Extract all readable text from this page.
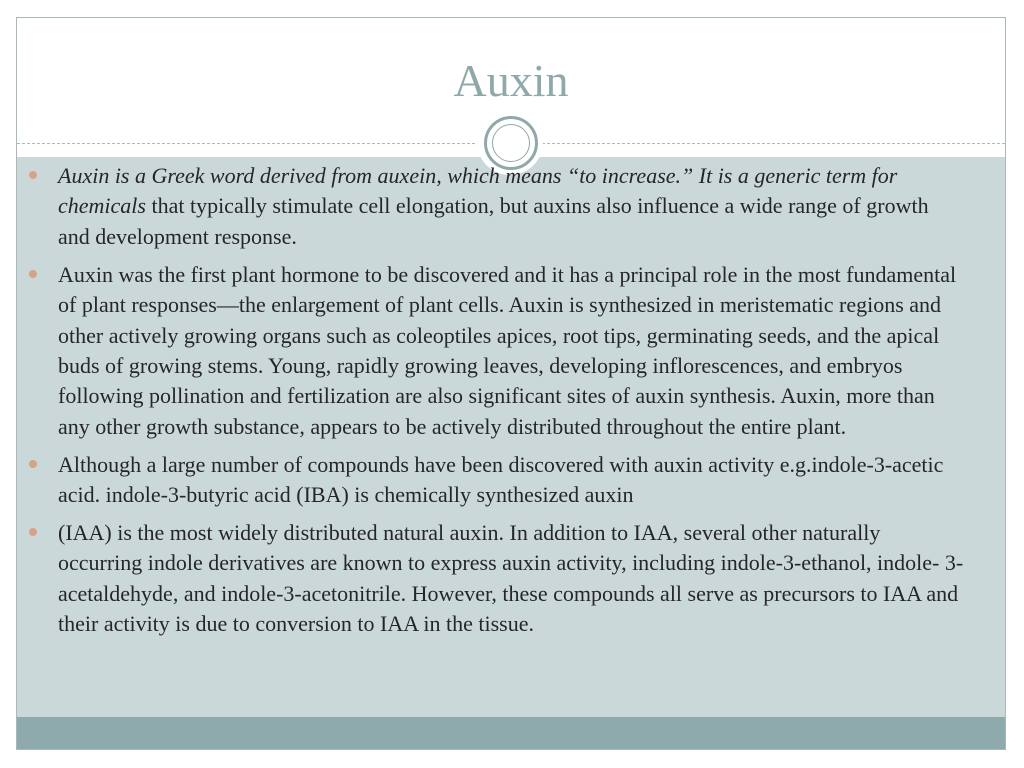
Auxin
Auxin is a Greek word derived from auxein, which means “to increase.” It is a generic term for chemicals that typically stimulate cell elongation, but auxins also influence a wide range of growth and development response.
Auxin was the first plant hormone to be discovered and it has a principal role in the most fundamental of plant responses—the enlargement of plant cells. Auxin is synthesized in meristematic regions and other actively growing organs such as coleoptiles apices, root tips, germinating seeds, and the apical buds of growing stems. Young, rapidly growing leaves, developing inflorescences, and embryos following pollination and fertilization are also significant sites of auxin synthesis. Auxin, more than any other growth substance, appears to be actively distributed throughout the entire plant.
Although a large number of compounds have been discovered with auxin activity e.g.indole-3-acetic acid. indole-3-butyric acid (IBA) is chemically synthesized auxin
(IAA) is the most widely distributed natural auxin. In addition to IAA, several other naturally occurring indole derivatives are known to express auxin activity, including indole-3-ethanol, indole- 3-acetaldehyde, and indole-3-acetonitrile. However, these compounds all serve as precursors to IAA and their activity is due to conversion to IAA in the tissue.
